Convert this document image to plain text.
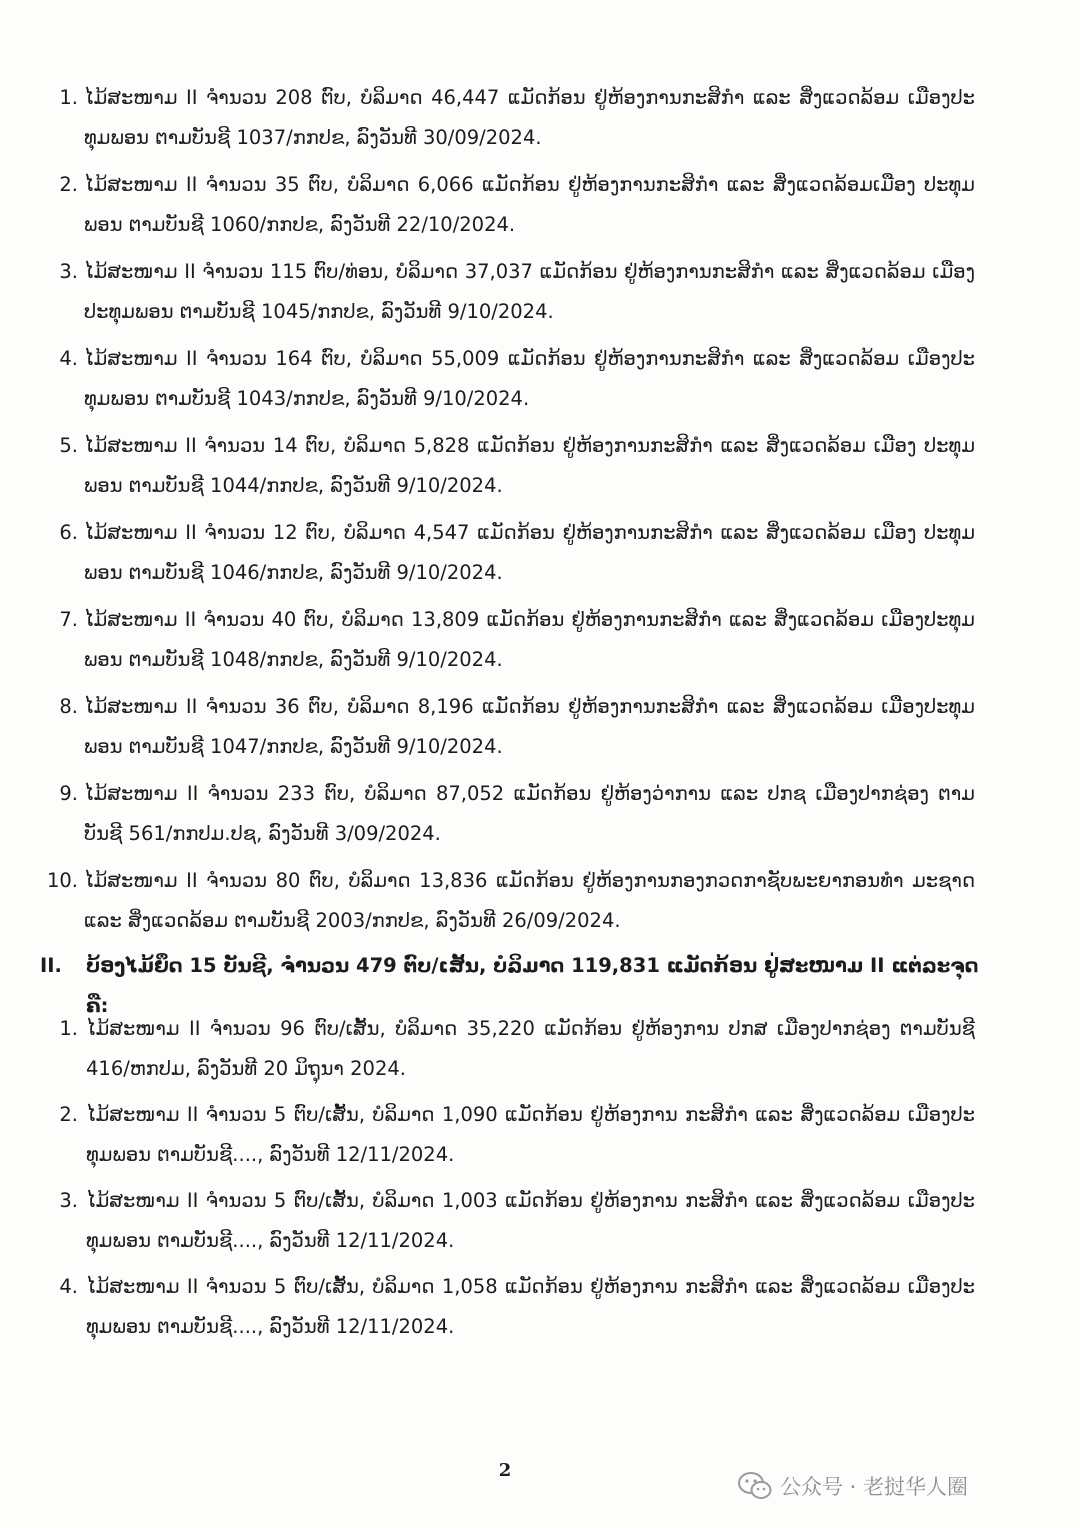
1. ໄມ້ສະໜາມ II ຈຳນວນ 208 ຕົບ, ບໍລິມາດ 46,447 ແມັດກ້ອນ ຢູ່ຫ້ອງການກະສິກຳ ແລະ ສິ່ງແວດລ້ອມ ເມືອງປະທຸມພອນ ຕາມບັນຊີ 1037/ກກປຂ, ລົງວັນທີ 30/09/2024.
2. ໄມ້ສະໜາມ II ຈຳນວນ 35 ຕົບ, ບໍລິມາດ 6,066 ແມັດກ້ອນ ຢູ່ຫ້ອງການກະສິກຳ ແລະ ສິ່ງແວດລ້ອມເມືອງ ປະທຸມພອນ ຕາມບັນຊີ 1060/ກກປຂ, ລົງວັນທີ 22/10/2024.
3. ໄມ້ສະໜາມ II ຈຳນວນ 115 ຕົບ/ທ່ອນ, ບໍລິມາດ 37,037 ແມັດກ້ອນ ຢູ່ຫ້ອງການກະສິກຳ ແລະ ສິ່ງແວດລ້ອມ ເມືອງປະທຸມພອນ ຕາມບັນຊີ 1045/ກກປຂ, ລົງວັນທີ 9/10/2024.
4. ໄມ້ສະໜາມ II ຈຳນວນ 164 ຕົບ, ບໍລິມາດ 55,009 ແມັດກ້ອນ ຢູ່ຫ້ອງການກະສິກຳ ແລະ ສິ່ງແວດລ້ອມ ເມືອງປະທຸມພອນ ຕາມບັນຊີ 1043/ກກປຂ, ລົງວັນທີ 9/10/2024.
5. ໄມ້ສະໜາມ II ຈຳນວນ 14 ຕົບ, ບໍລິມາດ 5,828 ແມັດກ້ອນ ຢູ່ຫ້ອງການກະສິກຳ ແລະ ສິ່ງແວດລ້ອມ ເມືອງ ປະທຸມພອນ ຕາມບັນຊີ 1044/ກກປຂ, ລົງວັນທີ 9/10/2024.
6. ໄມ້ສະໜາມ II ຈຳນວນ 12 ຕົບ, ບໍລິມາດ 4,547 ແມັດກ້ອນ ຢູ່ຫ້ອງການກະສິກຳ ແລະ ສິ່ງແວດລ້ອມ ເມືອງ ປະທຸມພອນ ຕາມບັນຊີ 1046/ກກປຂ, ລົງວັນທີ 9/10/2024.
7. ໄມ້ສະໜາມ II ຈຳນວນ 40 ຕົບ, ບໍລິມາດ 13,809 ແມັດກ້ອນ ຢູ່ຫ້ອງການກະສິກຳ ແລະ ສິ່ງແວດລ້ອມ ເມືອງປະທຸມພອນ ຕາມບັນຊີ 1048/ກກປຂ, ລົງວັນທີ 9/10/2024.
8. ໄມ້ສະໜາມ II ຈຳນວນ 36 ຕົບ, ບໍລິມາດ 8,196 ແມັດກ້ອນ ຢູ່ຫ້ອງການກະສິກຳ ແລະ ສິ່ງແວດລ້ອມ ເມືອງປະທຸມພອນ ຕາມບັນຊີ 1047/ກກປຂ, ລົງວັນທີ 9/10/2024.
9. ໄມ້ສະໜາມ II ຈຳນວນ 233 ຕົບ, ບໍລິມາດ 87,052 ແມັດກ້ອນ ຢູ່ຫ້ອງວ່າການ ແລະ ປກຊ ເມືອງປາກຊ່ອງ ຕາມບັນຊີ 561/ກກປມ.ປຊ, ລົງວັນທີ 3/09/2024.
10. ໄມ້ສະໜາມ II ຈຳນວນ 80 ຕົບ, ບໍລິມາດ 13,836 ແມັດກ້ອນ ຢູ່ຫ້ອງການກອງກວດກາຊັບພະຍາກອນທຳ ມະຊາດ ແລະ ສິ່ງແວດລ້ອມ ຕາມບັນຊີ 2003/ກກປຂ, ລົງວັນທີ 26/09/2024.
II.	ບ້ອງໄມ້ຍຶດ 15 ບັນຊີ, ຈຳນວນ 479 ຕົບ/ເສັ້ນ, ບໍລິມາດ 119,831 ແມັດກ້ອນ ຢູ່ສະໜາມ II ແຕ່ລະຈຸດ ຄື:
1. ໄມ້ສະໜາມ II ຈຳນວນ 96 ຕົບ/ເສັ້ນ, ບໍລິມາດ 35,220 ແມັດກ້ອນ ຢູ່ຫ້ອງການ ປກສ ເມືອງປາກຊ່ອງ ຕາມບັນຊີ 416/ຫກປມ, ລົງວັນທີ 20 ມິຖຸນາ 2024.
2. ໄມ້ສະໜາມ II ຈຳນວນ 5 ຕົບ/ເສັ້ນ, ບໍລິມາດ 1,090 ແມັດກ້ອນ ຢູ່ຫ້ອງການ ກະສິກຳ ແລະ ສິ່ງແວດລ້ອມ ເມືອງປະທຸມພອນ ຕາມບັນຊີ...., ລົງວັນທີ 12/11/2024.
3. ໄມ້ສະໜາມ II ຈຳນວນ 5 ຕົບ/ເສັ້ນ, ບໍລິມາດ 1,003 ແມັດກ້ອນ ຢູ່ຫ້ອງການ ກະສິກຳ ແລະ ສິ່ງແວດລ້ອມ ເມືອງປະທຸມພອນ ຕາມບັນຊີ...., ລົງວັນທີ 12/11/2024.
4. ໄມ້ສະໜາມ II ຈຳນວນ 5 ຕົບ/ເສັ້ນ, ບໍລິມາດ 1,058 ແມັດກ້ອນ ຢູ່ຫ້ອງການ ກະສິກຳ ແລະ ສິ່ງແວດລ້ອມ ເມືອງປະທຸມພອນ ຕາມບັນຊີ...., ລົງວັນທີ 12/11/2024.
2
公众号 · 老挝华人圈
